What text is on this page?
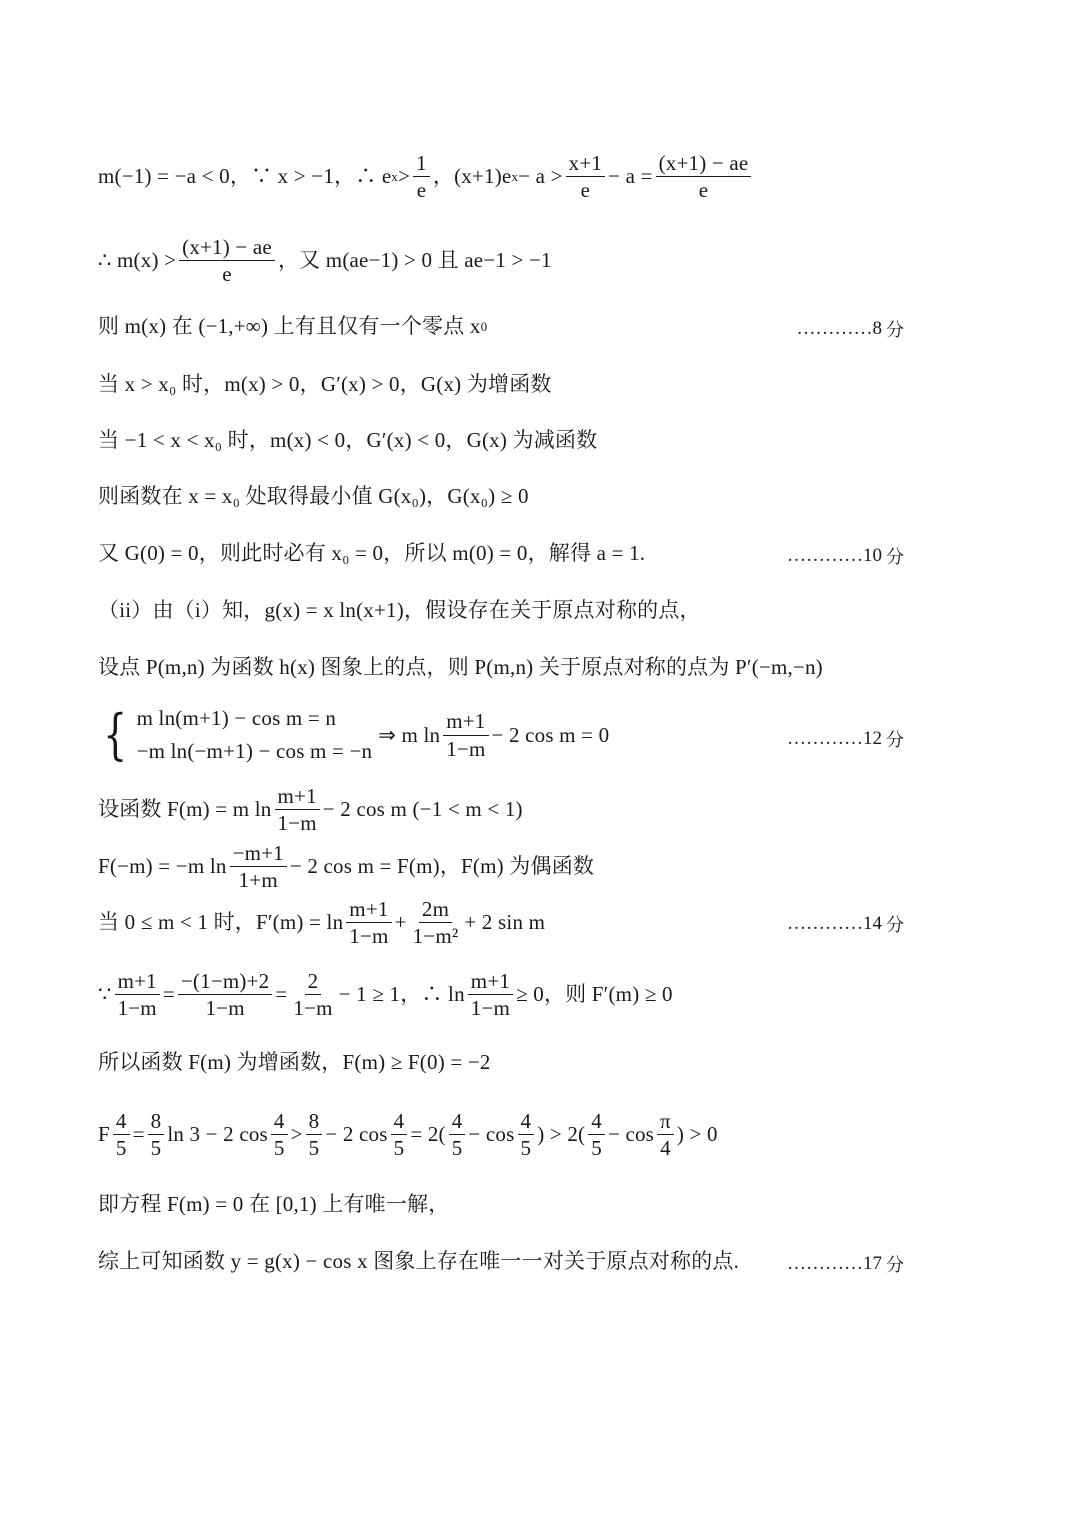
m(−1) = −a < 0，∵ x > −1，∴ e $x > \frac{1}{e}$ ，(x+1)e $x - a > \frac{x+1}{e} - a = \frac{(x+1) - ae}{e}$
∴ $m(x) > \frac{(x+1) - ae}{e}$ ，又 m(ae−1) > 0 且 ae−1 > −1
则 m(x) 在 (−1,+∞) 上有且仅有一个零点 x 0	…………8 分
当 x > x₀ 时，m(x) > 0，G′(x) > 0，G(x) 为增函数
当 −1 < x < x₀ 时，m(x) < 0，G′(x) < 0，G(x) 为减函数
则函数在 x = x₀ 处取得最小值 G(x₀)，G(x₀) ≥ 0
又 G(0) = 0，则此时必有 x₀ = 0，所以 m(0) = 0，解得 a = 1.	…………10 分
（ii）由（i）知，g(x) = x ln(x+1)，假设存在关于原点对称的点，
设点 P(m,n) 为函数 h(x) 图象上的点，则 P(m,n) 关于原点对称的点为 P′(−m,−n)
{ m ln(m+1) − cos m = n
−m ln(−m+1) − cos m = −n
⇒ m $\ln \frac{m+1}{1-m} - 2$ cos m = 0	…………12 分
设函数 F(m) = m $\ln \frac{m+1}{1-m} - 2$ cos m (−1 < m < 1)
F(−m) = −m $\ln \frac{-m+1}{1+m} - 2$ cos m = F(m)，F(m) 为偶函数
当 0 ≤ m < 1 时，$F'(m) = \ln \frac{m+1}{1-m} + \frac{2m}{\text{1−m²}} + 2$ sin m	…………14 分
∵ $\frac{m+1}{1-m} = \frac{-(1-m)+2}{1-m} = \frac{2}{1-m} - 1 \ge 1$，∴ $\ln \frac{m+1}{1-m} \ge 0$，则 F′(m) ≥ 0
所以函数 F(m) 为增函数，F(m) ≥ F(0) = −2
F $\frac{4}{5} = \frac{8}{5}$ ln 3 − 2 $\cos \frac{4}{5} > \frac{8}{5} - 2$ $\cos \frac{4}{5} = 2( \frac{4}{5} - \cos \frac{4}{5}$ ) > $2( \frac{4}{5} - \cos \frac{\pi}{4}$ ) > 0
即方程 F(m) = 0 在 [0,1) 上有唯一解，
综上可知函数 y = g(x) − cos x 图象上存在唯一一对关于原点对称的点.	…………17 分
